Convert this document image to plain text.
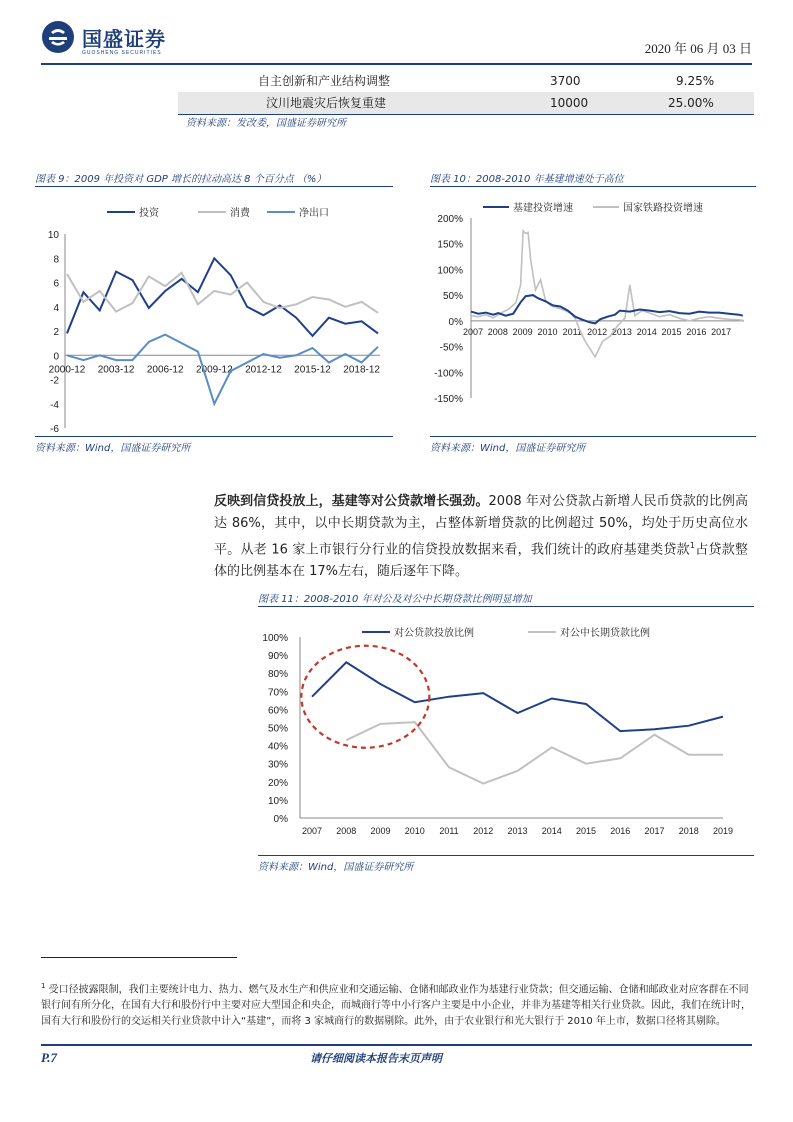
国盛证券
GUOSHENG SECURITIES	2020 年 06 月 03 日
自主创新和产业结构调整	3700	9.25%
汶川地震灾后恢复重建	10000	25.00%
资料来源：发改委，国盛证券研究所
图表 9：2009 年投资对 GDP 增长的拉动高达 8 个百分点 （%）
投资	消费	净出口
-6
-4
-2
0
2
4
6
8
10
2000-12 2003-12 2006-12 2009-12 2012-12 2015-12 2018-12
资料来源：Wind，国盛证券研究所
图表 10：2008-2010 年基建增速处于高位
基建投资增速	国家铁路投资增速
-150%
-100%
-50%
0%
50%
100%
150%
200%
2007 2008 2009 2010 2011 2012 2013 2014 2015 2016 2017
资料来源：Wind，国盛证券研究所
反映到信贷投放上，基建等对公贷款增长强劲。2008 年对公贷款占新增人民币贷款的比例高达 86%，其中，以中长期贷款为主，占整体新增贷款的比例超过 50%，均处于历史高位水平。从老 16 家上市银行分行业的信贷投放数据来看，我们统计的政府基建类贷款$^1$占贷款整体的比例基本在 17%左右，随后逐年下降。
图表 11：2008-2010 年对公及对公中长期贷款比例明显增加
对公贷款投放比例	对公中长期贷款比例
0%
10%
20%
30%
40%
50%
60%
70%
80%
90%
100%
2007 2008 2009 2010 2011 2012 2013 2014 2015 2016 2017 2018 2019
资料来源：Wind，国盛证券研究所
$^1$ 受口径披露限制，我们主要统计电力、热力、燃气及水生产和供应业和交通运输、仓储和邮政业作为基建行业贷款；但交通运输、仓储和邮政业对应客群在不同银行间有所分化，在国有大行和股份行中主要对应大型国企和央企，而城商行等中小行客户主要是中小企业，并非为基建等相关行业贷款。因此，我们在统计时，国有大行和股份行的交运相关行业贷款中计入“基建”，而将 3 家城商行的数据剔除。此外，由于农业银行和光大银行于 2010 年上市，数据口径将其剔除。
P.7	请仔细阅读本报告末页声明
